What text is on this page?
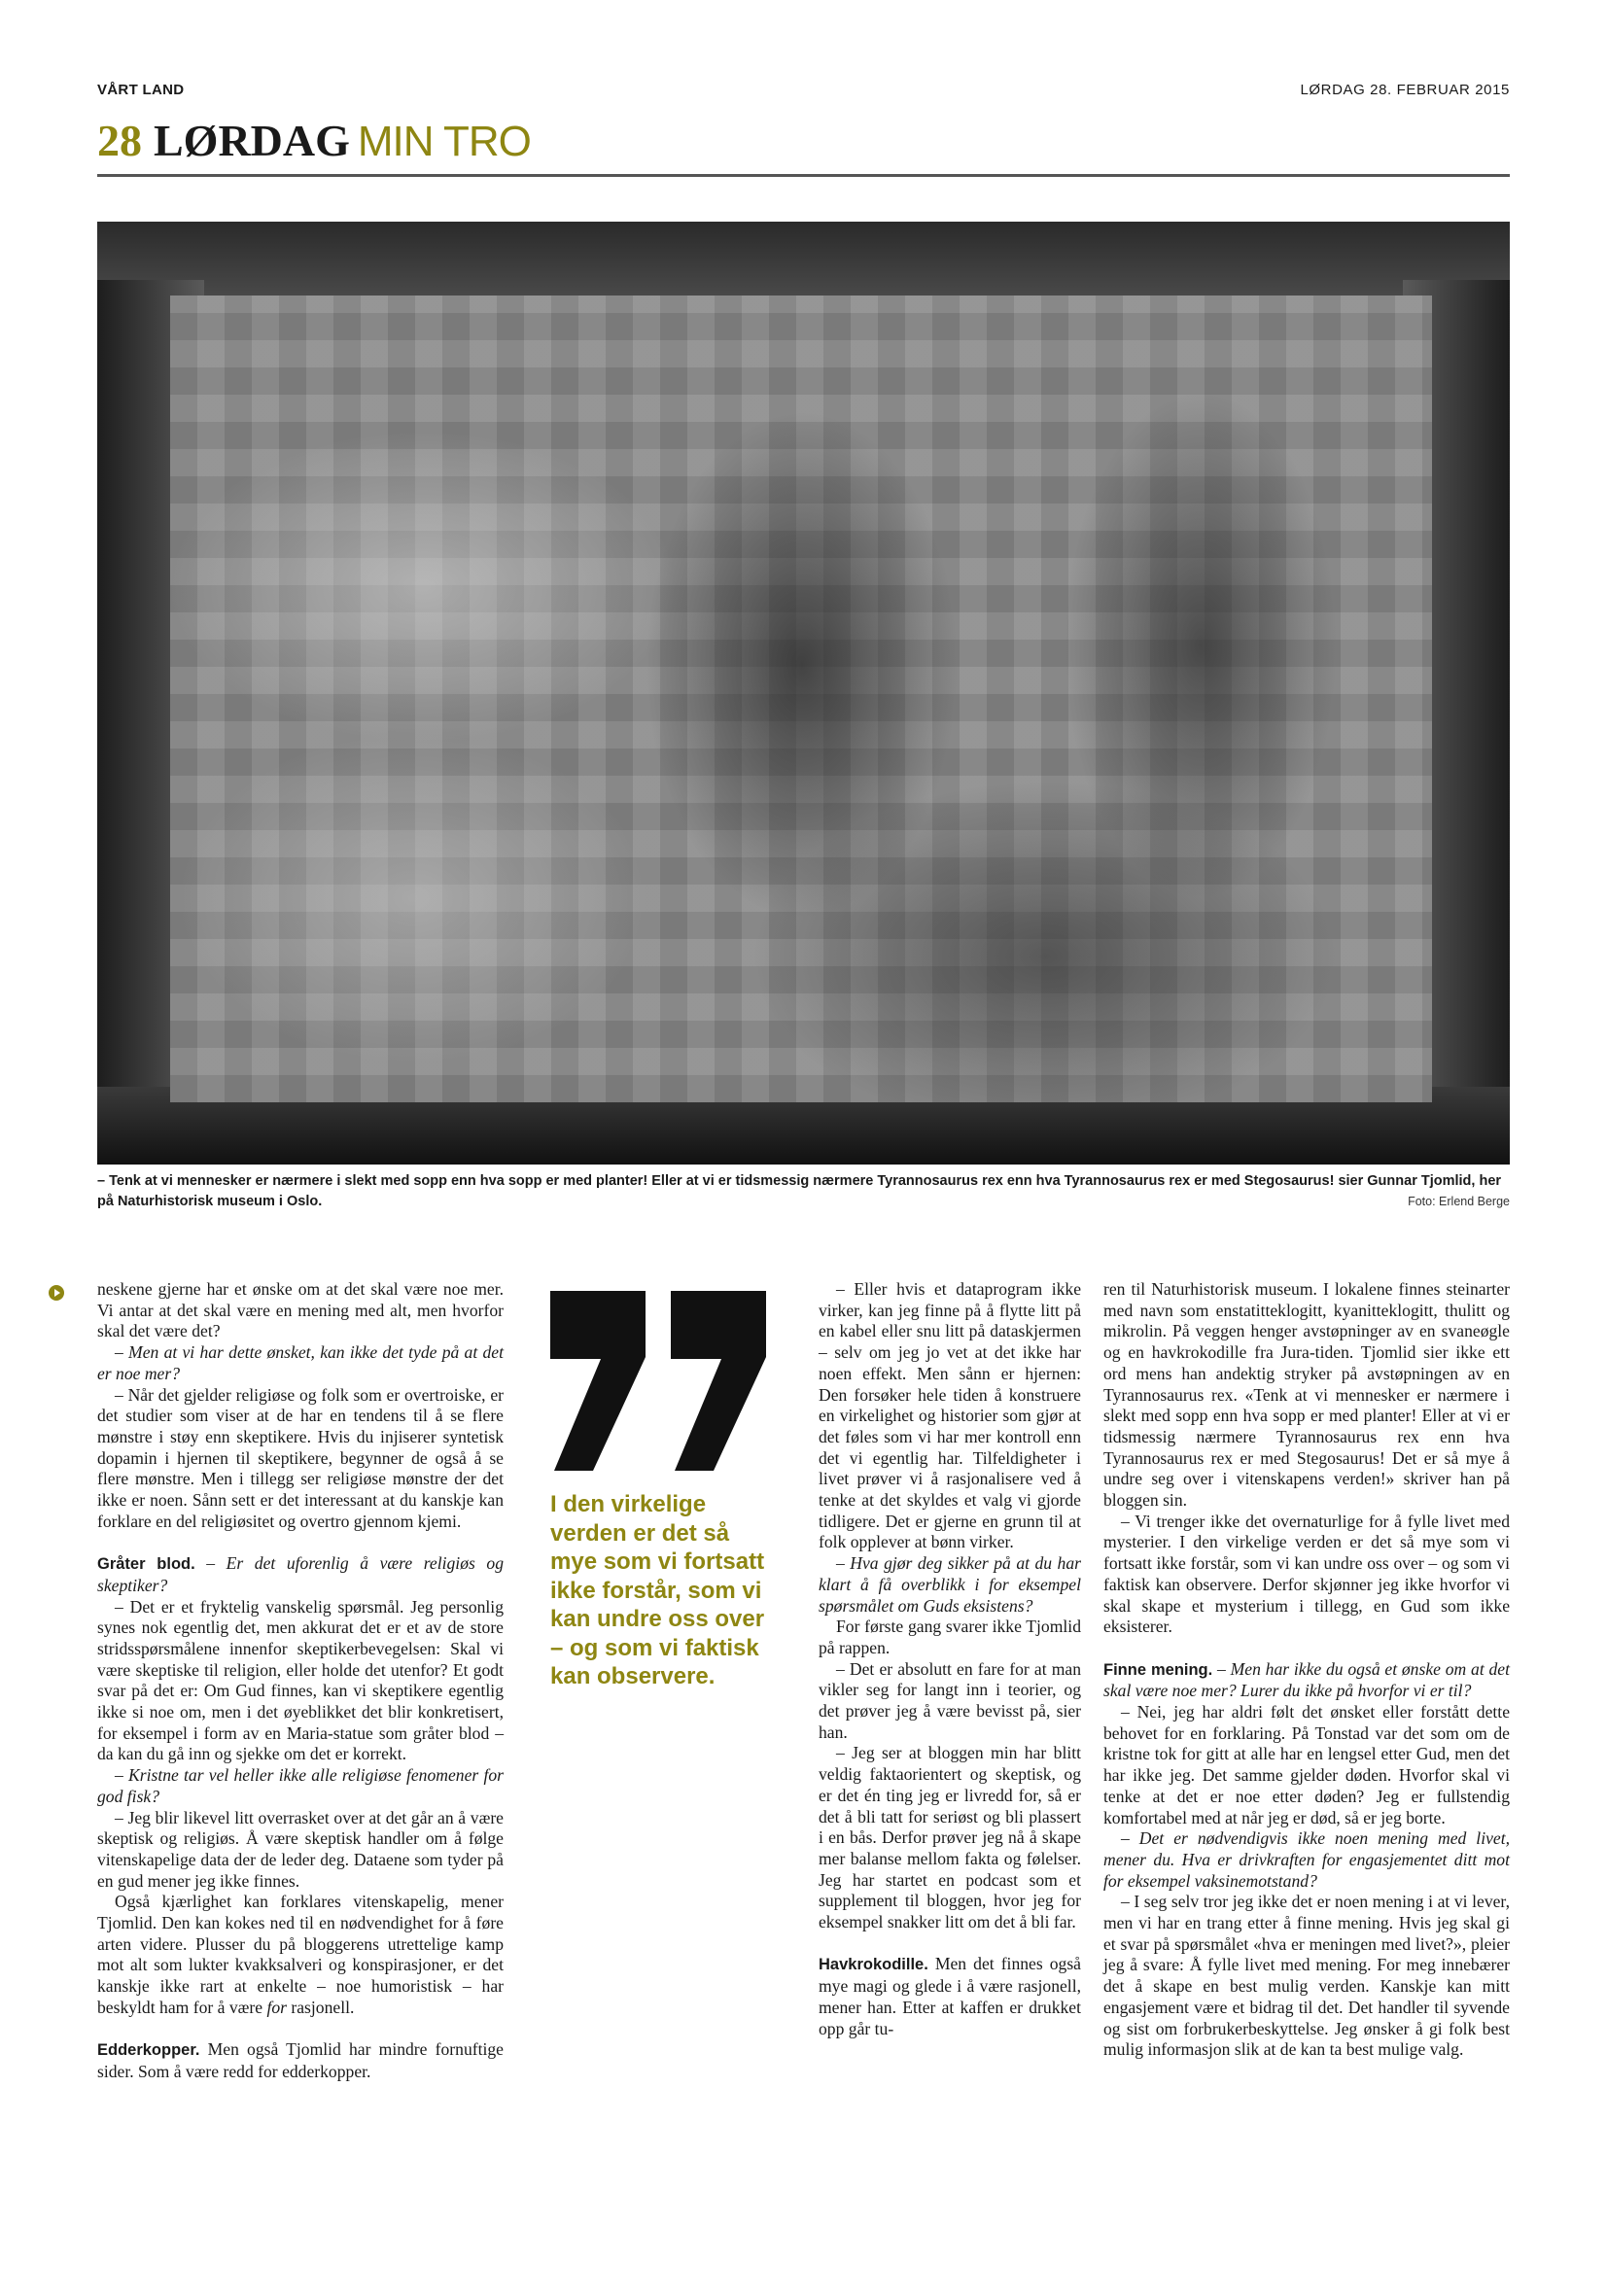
VÅRT LAND	LØRDAG 28. FEBRUAR 2015
28 LØRDAG MIN TRO
– Tenk at vi mennesker er nærmere i slekt med sopp enn hva sopp er med planter! Eller at vi er tidsmessig nærmere Tyrannosaurus rex enn hva Tyrannosaurus rex er med Stegosaurus! sier Gunnar Tjomlid, her på Naturhistorisk museum i Oslo.	Foto: Erlend Berge

neskene gjerne har et ønske om at det skal være noe mer. Vi antar at det skal være en mening med alt, men hvorfor skal det være det?

– Men at vi har dette ønsket, kan ikke det tyde på at det er noe mer?

– Når det gjelder religiøse og folk som er overtroiske, er det studier som viser at de har en tendens til å se flere mønstre i støy enn skeptikere. Hvis du injiserer syntetisk dopamin i hjernen til skeptikere, begynner de også å se flere mønstre. Men i tillegg ser religiøse mønstre der det ikke er noen. Sånn sett er det interessant at du kanskje kan forklare en del religiøsitet og overtro gjennom kjemi.

Gråter blod. – Er det uforenlig å være religiøs og skeptiker?

– Det er et fryktelig vanskelig spørsmål. Jeg personlig synes nok egentlig det, men akkurat det er et av de store stridsspørsmålene innenfor skeptikerbevegelsen: Skal vi være skeptiske til religion, eller holde det utenfor? Et godt svar på det er: Om Gud finnes, kan vi skeptikere egentlig ikke si noe om, men i det øyeblikket det blir konkretisert, for eksempel i form av en Maria-statue som gråter blod – da kan du gå inn og sjekke om det er korrekt.

– Kristne tar vel heller ikke alle religiøse fenomener for god fisk?

– Jeg blir likevel litt overrasket over at det går an å være skeptisk og religiøs. Å være skeptisk handler om å følge vitenskapelige data der de leder deg. Dataene som tyder på en gud mener jeg ikke finnes.

Også kjærlighet kan forklares vitenskapelig, mener Tjomlid. Den kan kokes ned til en nødvendighet for å føre arten videre. Plusser du på bloggerens utrettelige kamp mot alt som lukter kvakksalveri og konspirasjoner, er det kanskje ikke rart at enkelte – noe humoristisk – har beskyldt ham for å være for rasjonell.

Edderkopper. Men også Tjomlid har mindre fornuftige sider. Som å være redd for edderkopper.

I den virkelige verden er det så mye som vi fortsatt ikke forstår, som vi kan undre oss over – og som vi faktisk kan observere.

– Eller hvis et dataprogram ikke virker, kan jeg finne på å flytte litt på en kabel eller snu litt på dataskjermen – selv om jeg jo vet at det ikke har noen effekt. Men sånn er hjernen: Den forsøker hele tiden å konstruere en virkelighet og historier som gjør at det føles som vi har mer kontroll enn det vi egentlig har. Tilfeldigheter i livet prøver vi å rasjonalisere ved å tenke at det skyldes et valg vi gjorde tidligere. Det er gjerne en grunn til at folk opplever at bønn virker.

– Hva gjør deg sikker på at du har klart å få overblikk i for eksempel spørsmålet om Guds eksistens?

For første gang svarer ikke Tjomlid på rappen.

– Det er absolutt en fare for at man vikler seg for langt inn i teorier, og det prøver jeg å være bevisst på, sier han.

– Jeg ser at bloggen min har blitt veldig faktaorientert og skeptisk, og er det én ting jeg er livredd for, så er det å bli tatt for seriøst og bli plassert i en bås. Derfor prøver jeg nå å skape mer balanse mellom fakta og følelser. Jeg har startet en podcast som et supplement til bloggen, hvor jeg for eksempel snakker litt om det å bli far.

Havkrokodille. Men det finnes også mye magi og glede i å være rasjonell, mener han. Etter at kaffen er drukket opp går tu-

ren til Naturhistorisk museum. I lokalene finnes steinarter med navn som enstatitteklogitt, kyanitteklogitt, thulitt og mikrolin. På veggen henger avstøpninger av en svaneøgle og en havkrokodille fra Jura-tiden. Tjomlid sier ikke ett ord mens han andektig stryker på avstøpningen av en Tyrannosaurus rex. «Tenk at vi mennesker er nærmere i slekt med sopp enn hva sopp er med planter! Eller at vi er tidsmessig nærmere Tyrannosaurus rex enn hva Tyrannosaurus rex er med Stegosaurus! Det er så mye å undre seg over i vitenskapens verden!» skriver han på bloggen sin.

– Vi trenger ikke det overnaturlige for å fylle livet med mysterier. I den virkelige verden er det så mye som vi fortsatt ikke forstår, som vi kan undre oss over – og som vi faktisk kan observere. Derfor skjønner jeg ikke hvorfor vi skal skape et mysterium i tillegg, en Gud som ikke eksisterer.

Finne mening. – Men har ikke du også et ønske om at det skal være noe mer? Lurer du ikke på hvorfor vi er til?

– Nei, jeg har aldri følt det ønsket eller forstått dette behovet for en forklaring. På Tonstad var det som om de kristne tok for gitt at alle har en lengsel etter Gud, men det har ikke jeg. Det samme gjelder døden. Hvorfor skal vi tenke at det er noe etter døden? Jeg er fullstendig komfortabel med at når jeg er død, så er jeg borte.

– Det er nødvendigvis ikke noen mening med livet, mener du. Hva er drivkraften for engasjementet ditt mot for eksempel vaksinemotstand?

– I seg selv tror jeg ikke det er noen mening i at vi lever, men vi har en trang etter å finne mening. Hvis jeg skal gi et svar på spørsmålet «hva er meningen med livet?», pleier jeg å svare: Å fylle livet med mening. For meg innebærer det å skape en best mulig verden. Kanskje kan mitt engasjement være et bidrag til det. Det handler til syvende og sist om forbrukerbeskyttelse. Jeg ønsker å gi folk best mulig informasjon slik at de kan ta best mulige valg.
